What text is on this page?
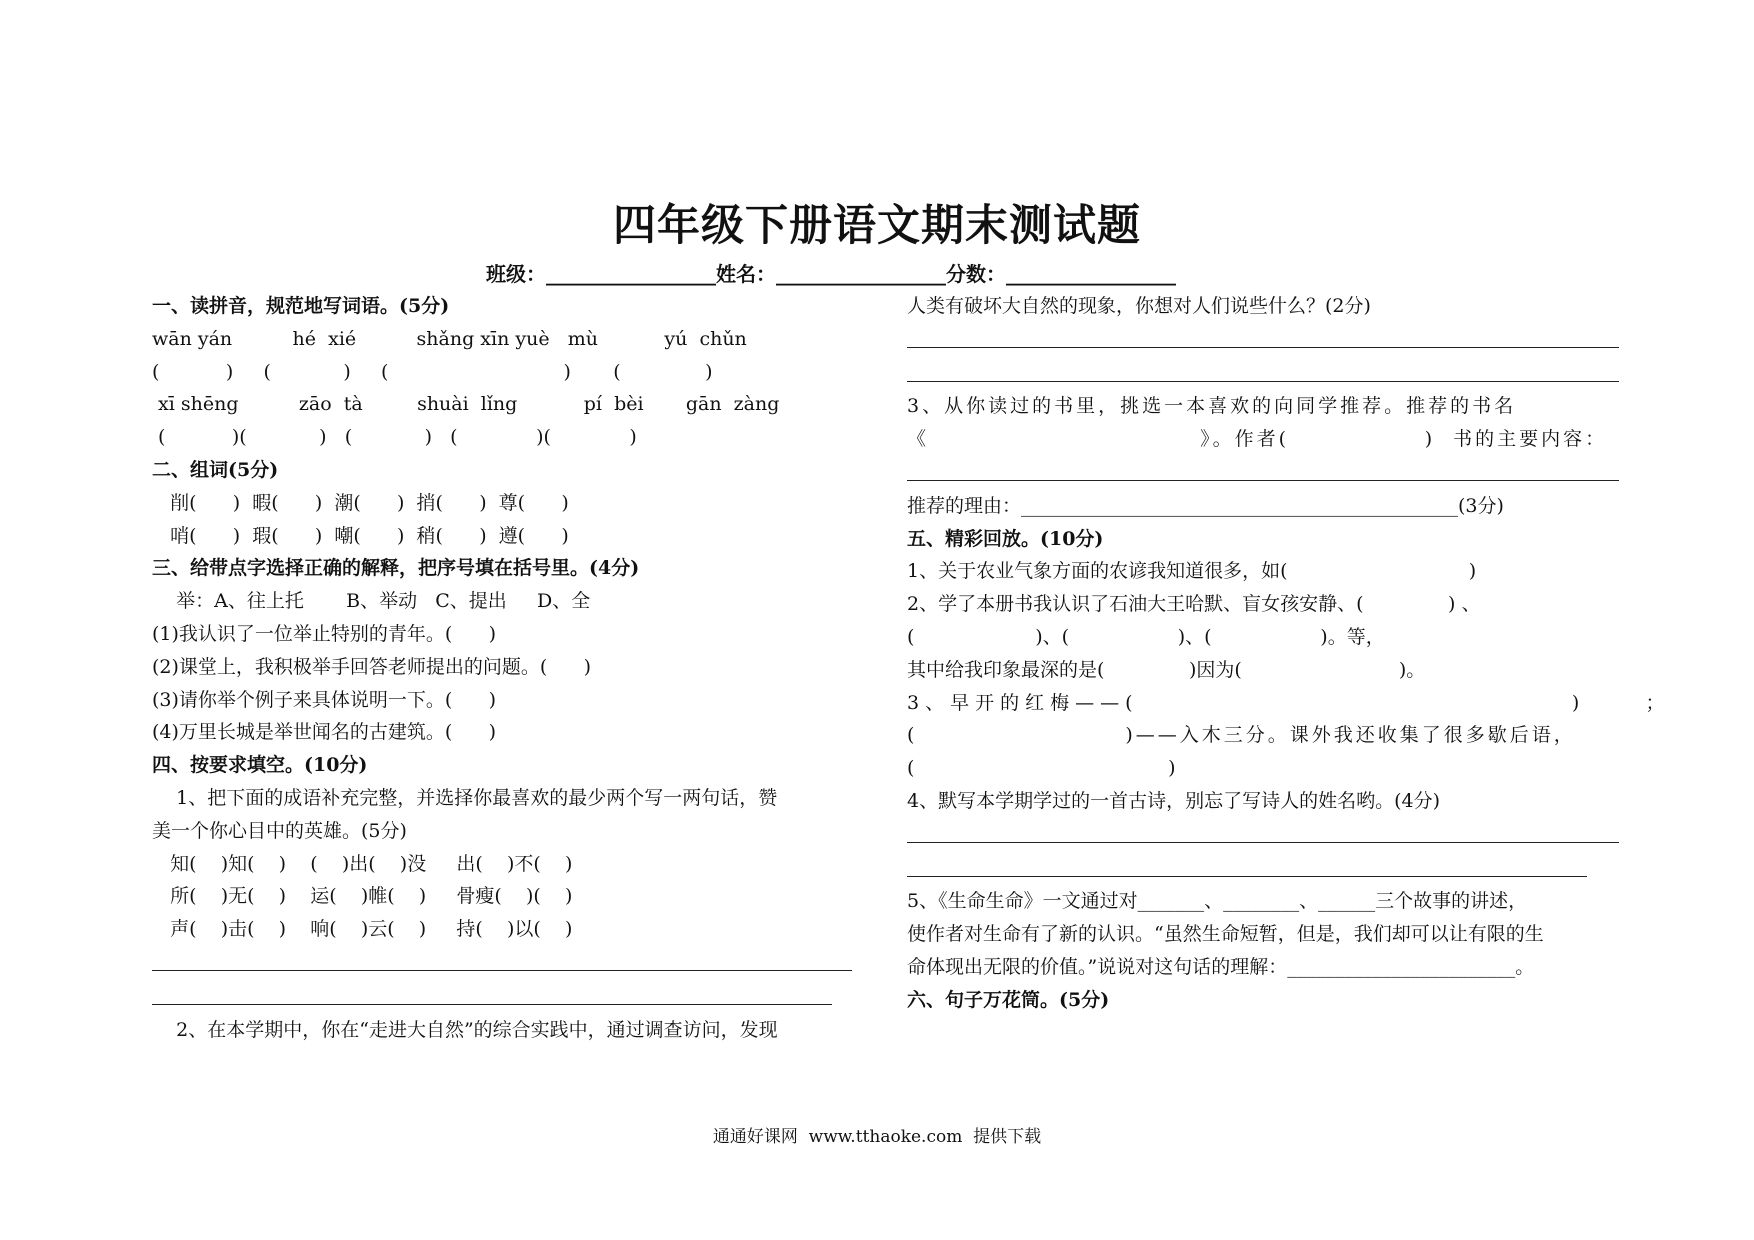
四年级下册语文期末测试题
班级：_________________姓名：_________________分数：_________________
一、读拼音，规范地写词语。(5分)
wān yán          hé  xié          shǎng xīn yuè   mù           yú  chǔn
(           )     (            )     (                             )       (              )
xī shēng          zāo  tà         shuài  lǐng           pí  bèi       gān  zàng
(           )(            )   (            )   (             )(             )
二、组词(5分)
削(      )  暇(      )  潮(      )  捎(      )  尊(      )
哨(      )  瑕(      )  嘲(      )  稍(      )  遵(      )
三、给带点字选择正确的解释，把序号填在括号里。(4分)
举：A、往上托       B、举动   C、提出     D、全
(1)我认识了一位举止特别的青年。(      )
(2)课堂上，我积极举手回答老师提出的问题。(      )
(3)请你举个例子来具体说明一下。(      )
(4)万里长城是举世闻名的古建筑。(      )
四、按要求填空。(10分)
1、把下面的成语补充完整，并选择你最喜欢的最少两个写一两句话，赞
美一个你心目中的英雄。(5分)
知(    )知(    )    (    )出(    )没     出(    )不(    )
所(    )无(    )    运(    )帷(    )     骨瘦(    )(    )
声(    )击(    )    响(    )云(    )     持(    )以(    )
2、在本学期中，你在“走进大自然”的综合实践中，通过调查访问，发现
人类有破坏大自然的现象，你想对人们说些什么？(2分)
3、从你读过的书里，挑选一本喜欢的向同学推荐。推荐的书名
《                              》。作者(               )  书的主要内容：
推荐的理由：______________________________________________(3分)
五、精彩回放。(10分)
1、关于农业气象方面的农谚我知道很多，如(                              )
2、学了本册书我认识了石油大王哈默、盲女孩安静、(              ) 、
(                    )、(                  )、(                  )。等，
其中给我印象最深的是(              )因为(                          )。
3、早开的红梅——(                                    )     ；
(                       )——入木三分。课外我还收集了很多歇后语，
(                                          )
4、默写本学期学过的一首古诗，别忘了写诗人的姓名哟。(4分)
5、《生命生命》一文通过对_______、________、______三个故事的讲述，
使作者对生命有了新的认识。“虽然生命短暂，但是，我们却可以让有限的生
命体现出无限的价值。”说说对这句话的理解：________________________。
六、句子万花筒。(5分)
通通好课网  www.tthaoke.com  提供下载
